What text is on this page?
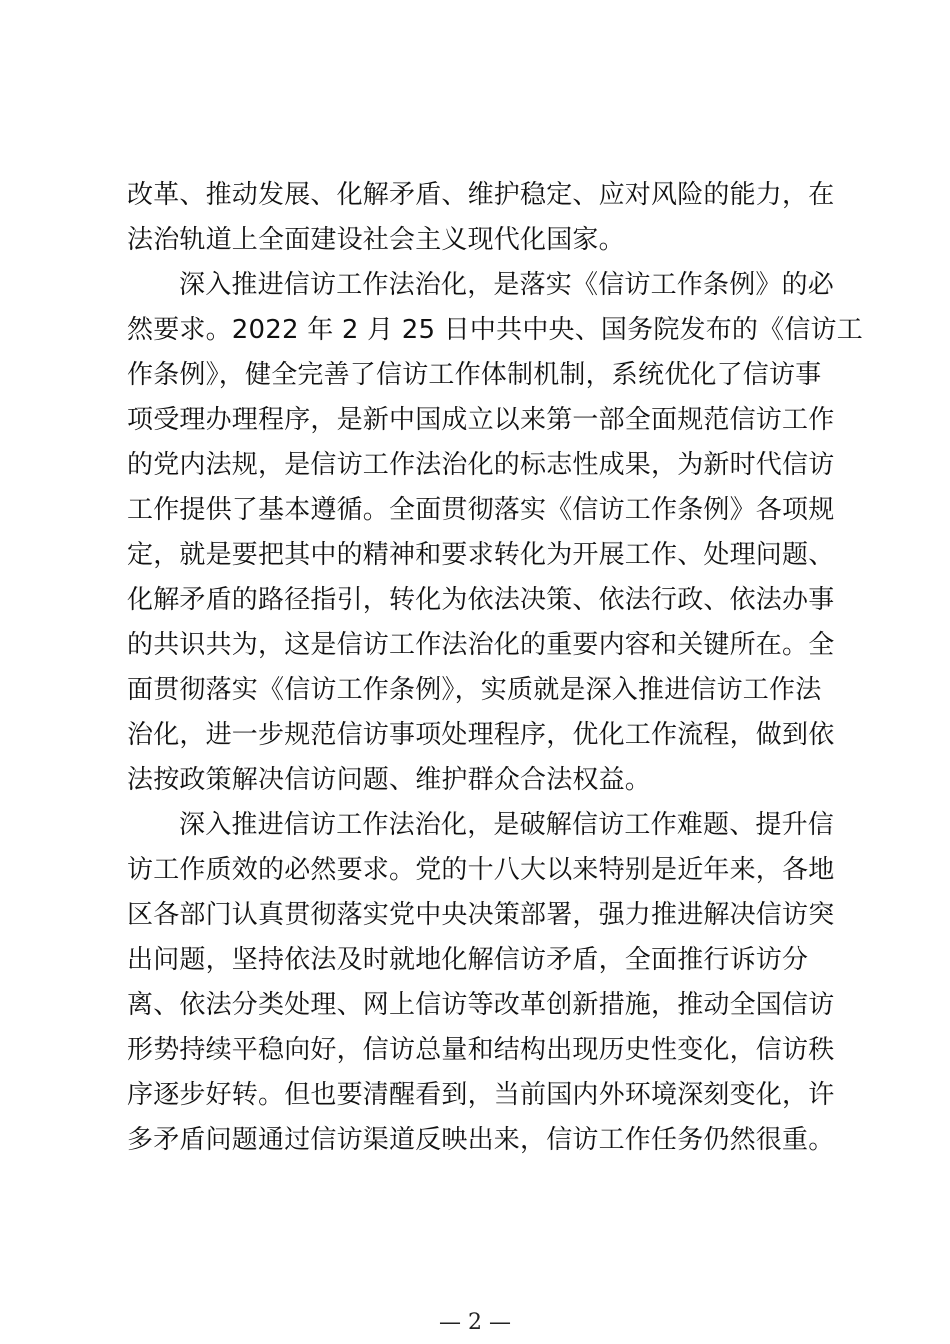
改革、推动发展、化解矛盾、维护稳定、应对风险的能力，在
法治轨道上全面建设社会主义现代化国家。
深入推进信访工作法治化，是落实《信访工作条例》的必
然要求。2022 年 2 月 25 日中共中央、国务院发布的《信访工
作条例》，健全完善了信访工作体制机制，系统优化了信访事
项受理办理程序，是新中国成立以来第一部全面规范信访工作
的党内法规，是信访工作法治化的标志性成果，为新时代信访
工作提供了基本遵循。全面贯彻落实《信访工作条例》各项规
定，就是要把其中的精神和要求转化为开展工作、处理问题、
化解矛盾的路径指引，转化为依法决策、依法行政、依法办事
的共识共为，这是信访工作法治化的重要内容和关键所在。全
面贯彻落实《信访工作条例》，实质就是深入推进信访工作法
治化，进一步规范信访事项处理程序，优化工作流程，做到依
法按政策解决信访问题、维护群众合法权益。
深入推进信访工作法治化，是破解信访工作难题、提升信
访工作质效的必然要求。党的十八大以来特别是近年来，各地
区各部门认真贯彻落实党中央决策部署，强力推进解决信访突
出问题，坚持依法及时就地化解信访矛盾，全面推行诉访分
离、依法分类处理、网上信访等改革创新措施，推动全国信访
形势持续平稳向好，信访总量和结构出现历史性变化，信访秩
序逐步好转。但也要清醒看到，当前国内外环境深刻变化，许
多矛盾问题通过信访渠道反映出来，信访工作任务仍然很重。
— 2 —
